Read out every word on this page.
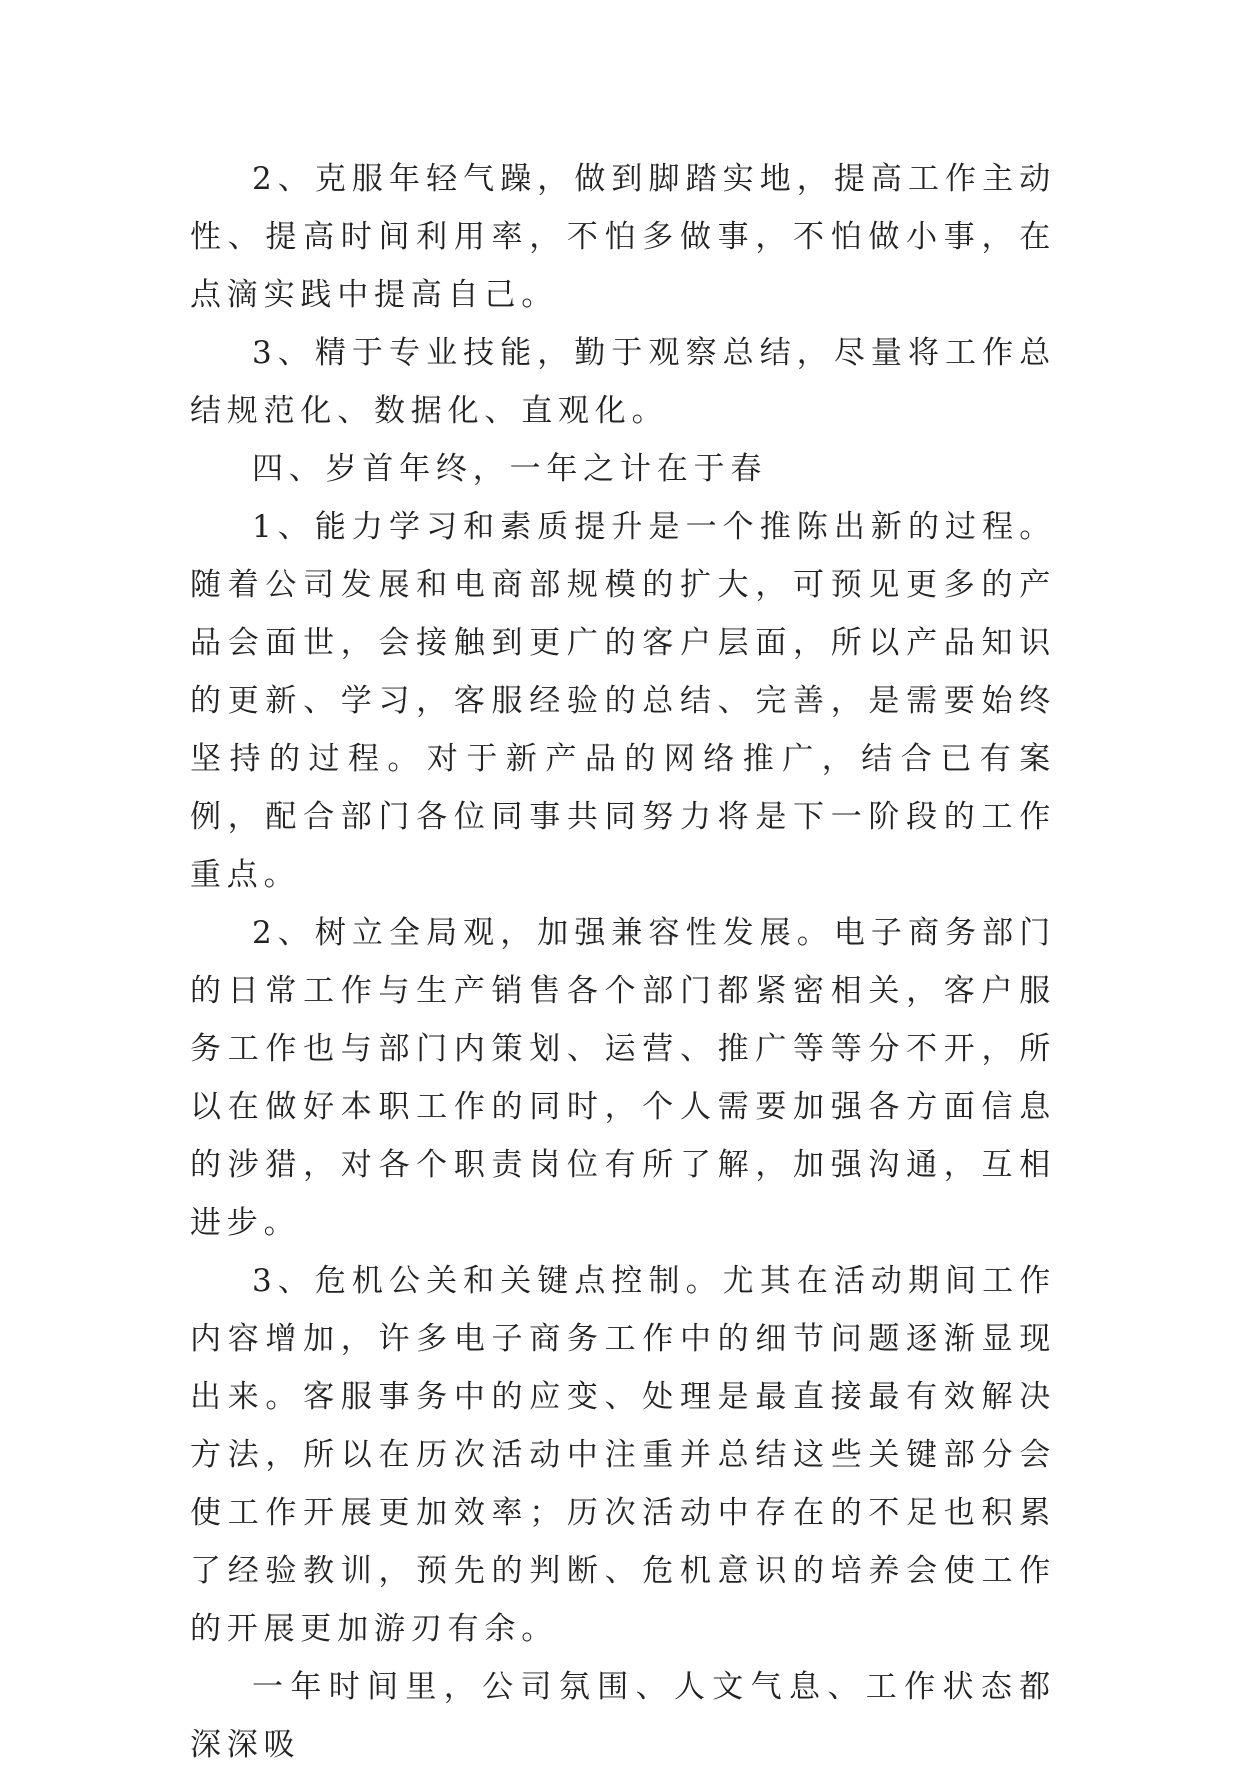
2、克服年轻气躁，做到脚踏实地，提高工作主动性、提高时间利用率，不怕多做事，不怕做小事，在点滴实践中提高自己。

3、精于专业技能，勤于观察总结，尽量将工作总结规范化、数据化、直观化。

四、岁首年终，一年之计在于春

1、能力学习和素质提升是一个推陈出新的过程。随着公司发展和电商部规模的扩大，可预见更多的产品会面世，会接触到更广的客户层面，所以产品知识的更新、学习，客服经验的总结、完善，是需要始终坚持的过程。对于新产品的网络推广，结合已有案例，配合部门各位同事共同努力将是下一阶段的工作重点。

2、树立全局观，加强兼容性发展。电子商务部门的日常工作与生产销售各个部门都紧密相关，客户服务工作也与部门内策划、运营、推广等等分不开，所以在做好本职工作的同时，个人需要加强各方面信息的涉猎，对各个职责岗位有所了解，加强沟通，互相进步。

3、危机公关和关键点控制。尤其在活动期间工作内容增加，许多电子商务工作中的细节问题逐渐显现出来。客服事务中的应变、处理是最直接最有效解决方法，所以在历次活动中注重并总结这些关键部分会使工作开展更加效率；历次活动中存在的不足也积累了经验教训，预先的判断、危机意识的培养会使工作的开展更加游刃有余。

一年时间里，公司氛围、人文气息、工作状态都深深吸
